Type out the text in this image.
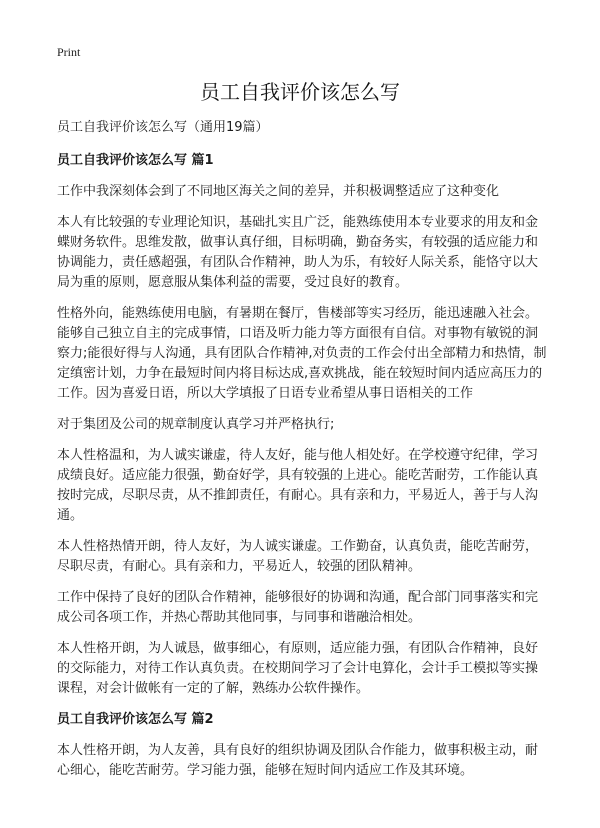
Print
员工自我评价该怎么写

员工自我评价该怎么写（通用19篇）

员工自我评价该怎么写 篇1

工作中我深刻体会到了不同地区海关之间的差异，并积极调整适应了这种变化

本人有比较强的专业理论知识，基础扎实且广泛，能熟练使用本专业要求的用友和金蝶财务软件。思维发散，做事认真仔细，目标明确，勤奋务实，有较强的适应能力和协调能力，责任感超强，有团队合作精神，助人为乐，有较好人际关系，能恪守以大局为重的原则，愿意服从集体利益的需要，受过良好的教育。

性格外向，能熟练使用电脑，有暑期在餐厅，售楼部等实习经历，能迅速融入社会。能够自己独立自主的完成事情，口语及听力能力等方面很有自信。对事物有敏锐的洞察力;能很好得与人沟通，具有团队合作精神,对负责的工作会付出全部精力和热情，制定缜密计划，力争在最短时间内将目标达成,喜欢挑战，能在较短时间内适应高压力的工作。因为喜爱日语，所以大学填报了日语专业希望从事日语相关的工作

对于集团及公司的规章制度认真学习并严格执行;

本人性格温和，为人诚实谦虚，待人友好，能与他人相处好。在学校遵守纪律，学习成绩良好。适应能力很强，勤奋好学，具有较强的上进心。能吃苦耐劳，工作能认真按时完成，尽职尽责，从不推卸责任，有耐心。具有亲和力，平易近人，善于与人沟通。

本人性格热情开朗，待人友好，为人诚实谦虚。工作勤奋，认真负责，能吃苦耐劳，尽职尽责，有耐心。具有亲和力，平易近人，较强的团队精神。

工作中保持了良好的团队合作精神，能够很好的协调和沟通，配合部门同事落实和完成公司各项工作，并热心帮助其他同事，与同事和谐融洽相处。

本人性格开朗，为人诚恳，做事细心，有原则，适应能力强，有团队合作精神，良好的交际能力，对待工作认真负责。在校期间学习了会计电算化，会计手工模拟等实操课程，对会计做帐有一定的了解，熟练办公软件操作。

员工自我评价该怎么写 篇2

本人性格开朗，为人友善，具有良好的组织协调及团队合作能力，做事积极主动，耐心细心，能吃苦耐劳。学习能力强，能够在短时间内适应工作及其环境。
